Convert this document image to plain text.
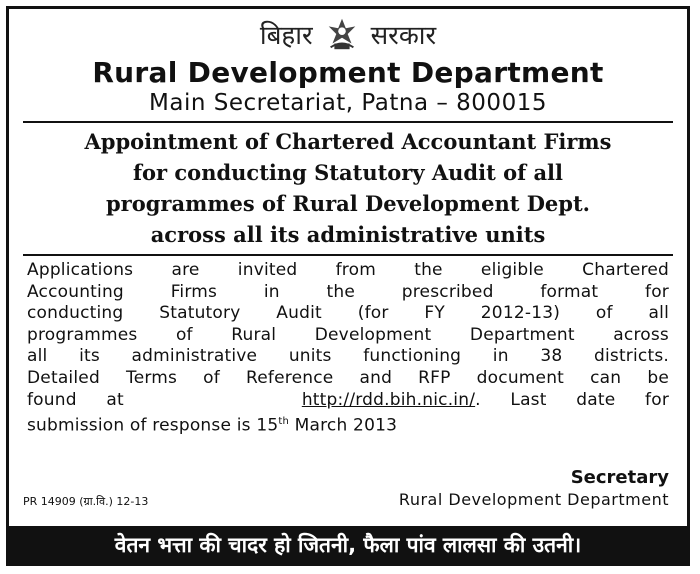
बिहार सरकार
Rural Development Department
Main Secretariat, Patna – 800015
Appointment of Chartered Accountant Firms
for conducting Statutory Audit of all
programmes of Rural Development Dept.
across all its administrative units
Applications are invited from the eligible Chartered
Accounting Firms in the prescribed format for
conducting Statutory Audit (for FY 2012-13) of all
programmes of Rural Development Department across
all its administrative units functioning in 38 districts.
Detailed Terms of Reference and RFP document can be
found at	http://rdd.bih.nic.in/. Last date for
submission of response is 15th March 2013
PR 14909 (ग्रा.वि.) 12-13
Secretary
Rural Development Department
वेतन भत्ता की चादर हो जितनी, फैला पांव लालसा की उतनी।
